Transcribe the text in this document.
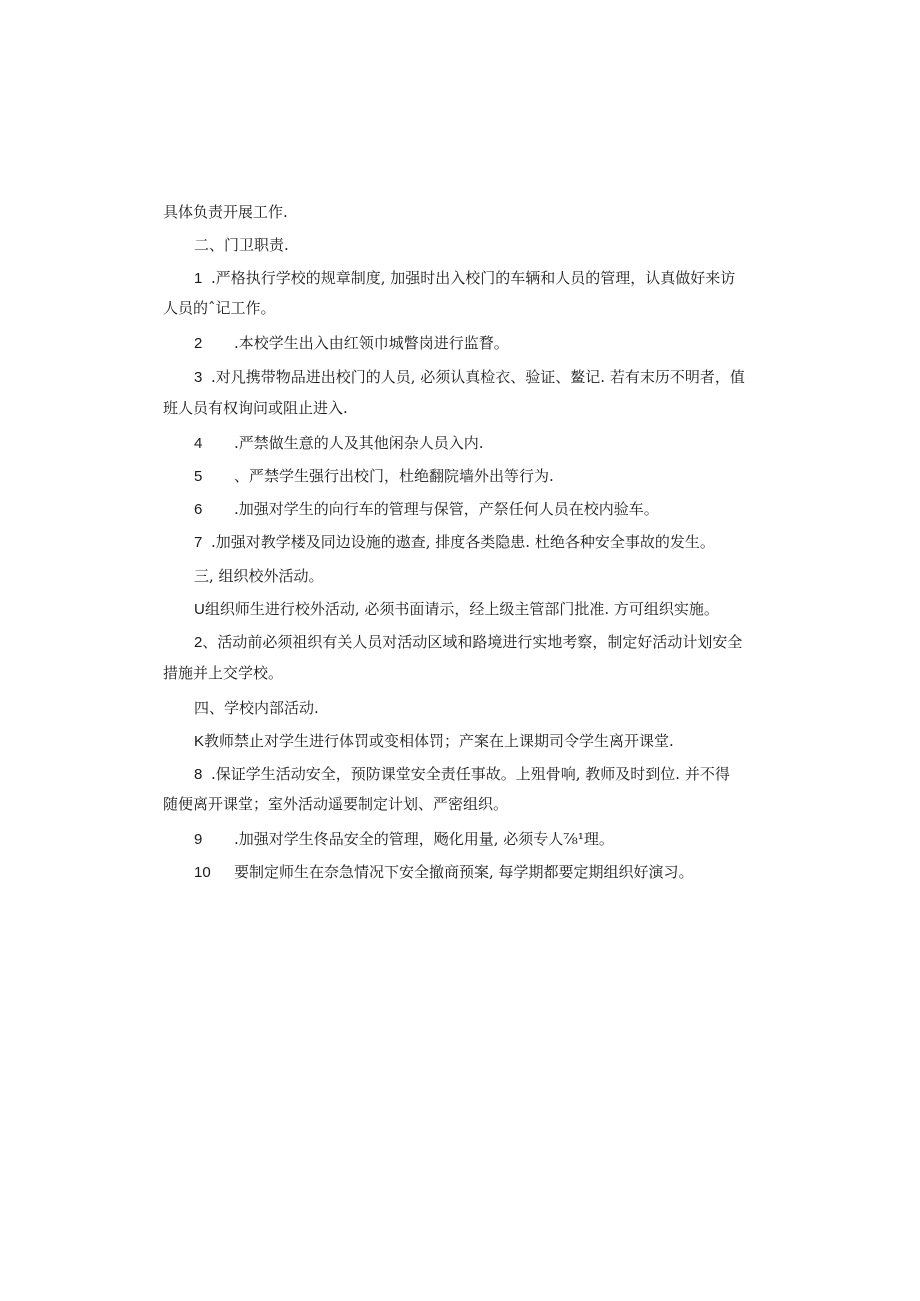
具体负责开展工作.
二、门卫职责.
1 .严格执行学校的规章制度, 加强时出入校门的车辆和人员的管理，认真做好来访
人员的ˆ记工作。
2 .本校学生出入由红领巾城瞥岗进行监瞀。
3 .对凡携带物品进出校门的人员, 必须认真检衣、验证、鳌记. 若有末历不明者，值
班人员有权询问或阻止进入.
4 .严禁做生意的人及其他闲杂人员入内.
5 、严禁学生强行出校门，杜绝翻院墙外出等行为.
6 .加强对学生的向行车的管理与保管，产祭任何人员在校内验车。
7 .加强对教学楼及同边设施的遨查, 排度各类隐患. 杜绝各种安全事故的发生。
三, 组织校外活动。
U组织师生进行校外活动, 必须书面请示，经上级主管部门批准. 方可组织实施。
2、活动前必须祖织有关人员对活动区域和路境进行实地考察，制定好活动计划安全
措施并上交学校。
四、学校内部活动.
K教师禁止对学生进行体罚或变相体罚；产案在上课期司令学生离开课堂.
8 .保证学生活动安全，预防课堂安全责任事故。上殂骨响, 教师及时到位. 并不得
随便离开课堂；室外活动遥要制定计划、严密组织。
9 .加强对学生佟品安全的管理，飏化用量, 必须专人⅞¹理。
10 要制定师生在奈急情况下安全撤商预案, 每学期都要定期组织好演习。
